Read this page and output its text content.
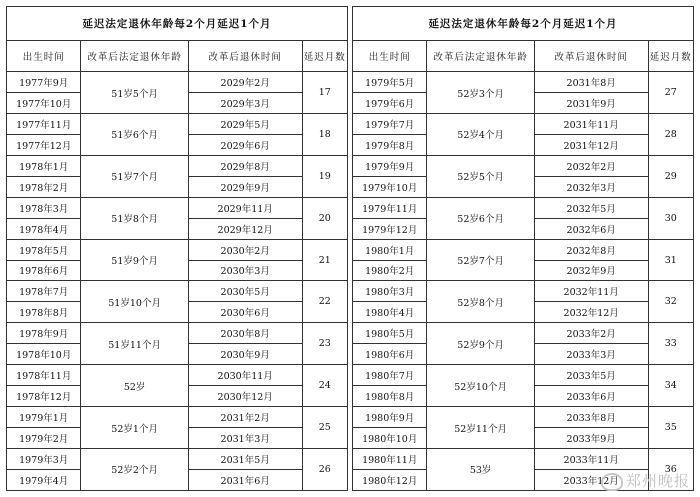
延迟法定退休年龄每2个月延迟1个月			
出生时间	改革后法定退休年龄	改革后退休时间	延迟月数
1977年9月	51岁5个月	2029年2月	17
1977年10月		2029年3月	
1977年11月	51岁6个月	2029年5月	18
1977年12月		2029年6月	
1978年1月	51岁7个月	2029年8月	19
1978年2月		2029年9月	
1978年3月	51岁8个月	2029年11月	20
1978年4月		2029年12月	
1978年5月	51岁9个月	2030年2月	21
1978年6月		2030年3月	
1978年7月	51岁10个月	2030年5月	22
1978年8月		2030年6月	
1978年9月	51岁11个月	2030年8月	23
1978年10月		2030年9月	
1978年11月	52岁	2030年11月	24
1978年12月		2030年12月	
1979年1月	52岁1个月	2031年2月	25
1979年2月		2031年3月	
1979年3月	52岁2个月	2031年5月	26
1979年4月		2031年6月	
延迟法定退休年龄每2个月延迟1个月			
出生时间	改革后法定退休年龄	改革后退休时间	延迟月数
1979年5月	52岁3个月	2031年8月	27
1979年6月		2031年9月	
1979年7月	52岁4个月	2031年11月	28
1979年8月		2031年12月	
1979年9月	52岁5个月	2032年2月	29
1979年10月		2032年3月	
1979年11月	52岁6个月	2032年5月	30
1979年12月		2032年6月	
1980年1月	52岁7个月	2032年8月	31
1980年2月		2032年9月	
1980年3月	52岁8个月	2032年11月	32
1980年4月		2032年12月	
1980年5月	52岁9个月	2033年2月	33
1980年6月		2033年3月	
1980年7月	52岁10个月	2033年5月	34
1980年8月		2033年6月	
1980年9月	52岁11个月	2033年8月	35
1980年10月		2033年9月	
1980年11月	53岁	2033年11月	36
1980年12月		2033年12月	郑州晚报
